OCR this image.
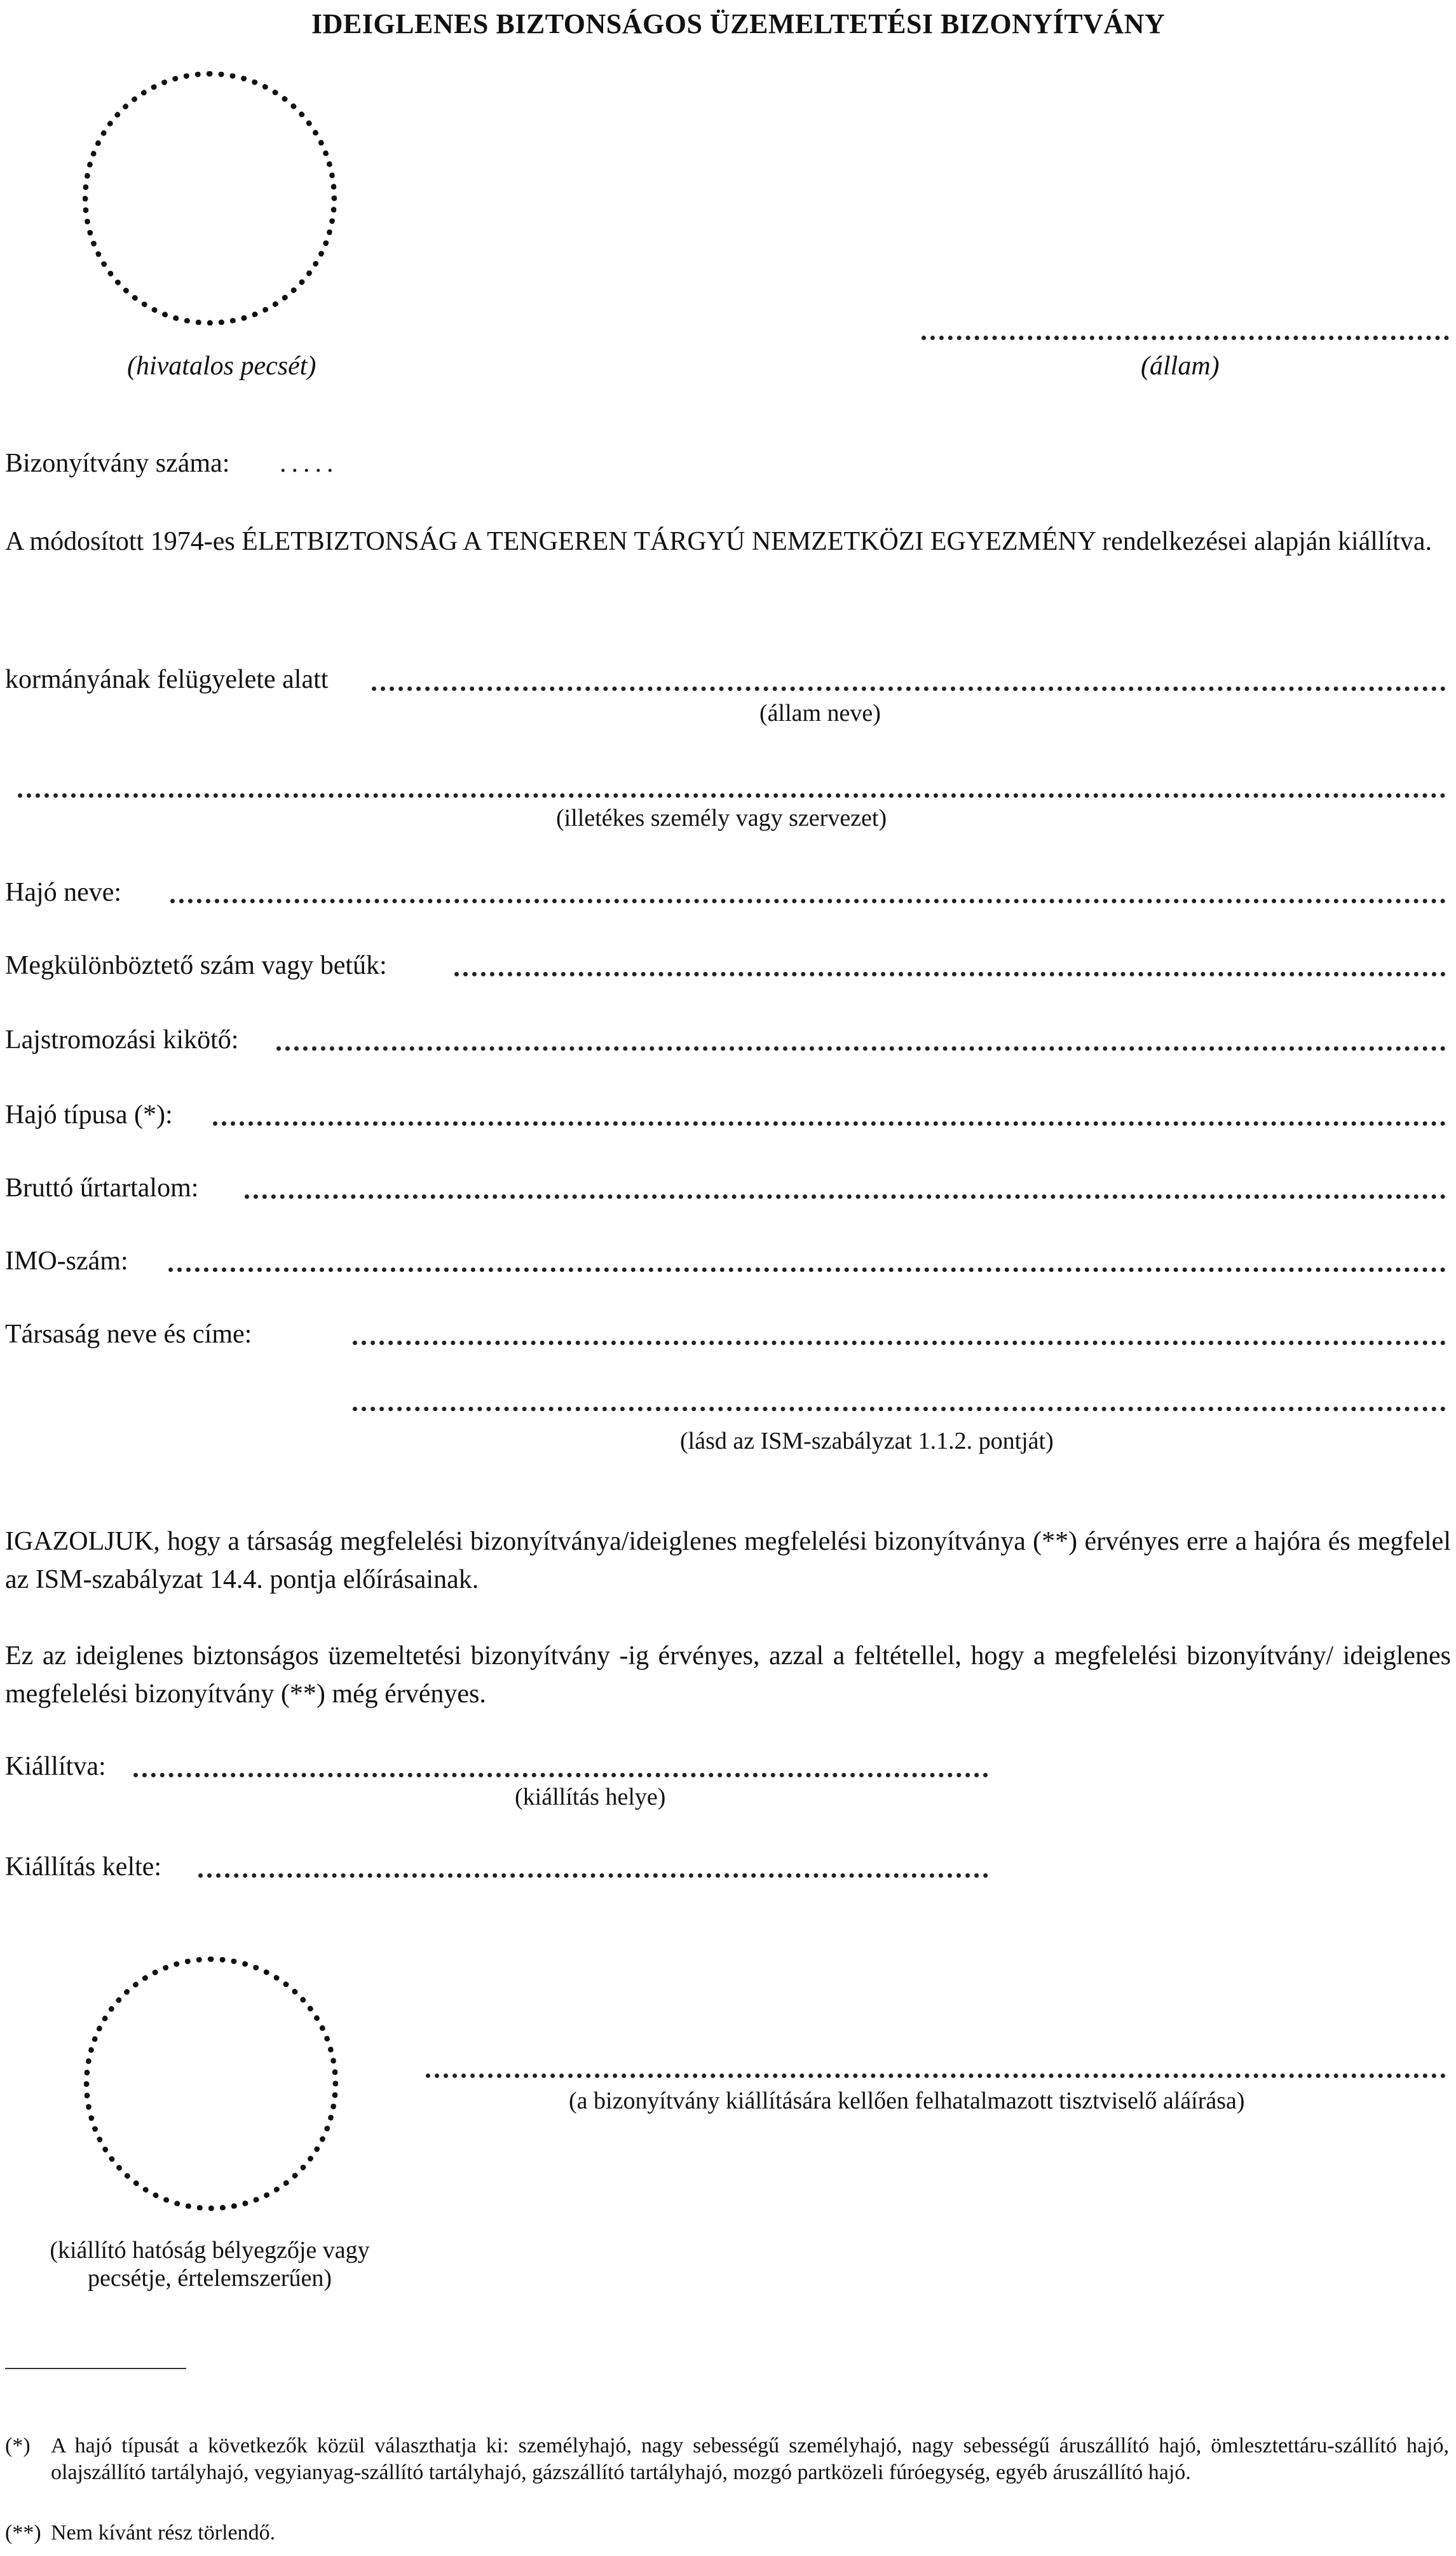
IDEIGLENES BIZTONSÁGOS ÜZEMELTETÉSI BIZONYÍTVÁNY
(hivatalos pecsét)	(állam)
Bizonyítvány száma: .....
A módosított 1974-es ÉLETBIZTONSÁG A TENGEREN TÁRGYÚ NEMZETKÖZI EGYEZMÉNY rendelkezései alapján kiállítva.
kormányának felügyelete alatt
(állam neve)
(illetékes személy vagy szervezet)
Hajó neve:
Megkülönböztető szám vagy betűk:
Lajstromozási kikötő:
Hajó típusa (*):
Bruttó űrtartalom:
IMO-szám:
Társaság neve és címe:
(lásd az ISM-szabályzat 1.1.2. pontját)
IGAZOLJUK, hogy a társaság megfelelési bizonyítványa/ideiglenes megfelelési bizonyítványa (**) érvényes erre a hajóra és megfelel az ISM-szabályzat 14.4. pontja előírásainak.
Ez az ideiglenes biztonságos üzemeltetési bizonyítvány -ig érvényes, azzal a feltétellel, hogy a megfelelési bizonyítvány/ ideiglenes megfelelési bizonyítvány (**) még érvényes.
Kiállítva:
(kiállítás helye)
Kiállítás kelte:
(a bizonyítvány kiállítására kellően felhatalmazott tisztviselő aláírása)
(kiállító hatóság bélyegzője vagy
pecsétje, értelemszerűen)
(*) A hajó típusát a következők közül választhatja ki: személyhajó, nagy sebességű személyhajó, nagy sebességű áruszállító hajó, ömlesztettáru-szállító hajó, olajszállító tartályhajó, vegyianyag-szállító tartályhajó, gázszállító tartályhajó, mozgó partközeli fúróegység, egyéb áruszállító hajó.
(**) Nem kívánt rész törlendő.
